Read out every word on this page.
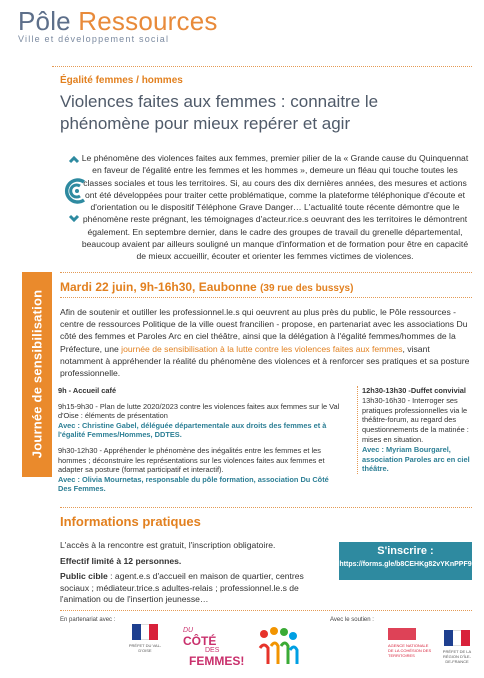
Pôle Ressources
Ville et développement social
Égalité femmes / hommes
Violences faites aux femmes : connaitre le phénomène pour mieux repérer et agir
Le phénomène des violences faites aux femmes, premier pilier de la « Grande cause du Quinquennat en faveur de l'égalité entre les femmes et les hommes », demeure un fléau qui touche toutes les classes sociales et tous les territoires. Si, au cours des dix dernières années, des mesures et actions ont été développées pour traiter cette problématique, comme la plateforme téléphonique d'écoute et d'orientation ou le dispositif Téléphone Grave Danger… L'actualité toute récente démontre que le phénomène reste prégnant, les témoignages d'acteur.rice.s oeuvrant des les territoires le démontrent également. En septembre dernier, dans le cadre des groupes de travail du grenelle départemental, beaucoup avaient par ailleurs souligné un manque d'information et de formation pour être en capacité de mieux accueillir, écouter et orienter les femmes victimes de violences.
Journée de sensibilisation
Mardi 22 juin, 9h-16h30, Eaubonne (39 rue des bussys)
Afin de soutenir et outiller les professionnel.le.s qui oeuvrent au plus près du public, le Pôle ressources - centre de ressources Politique de la ville ouest francilien - propose, en partenariat avec les associations Du côté des femmes et Paroles Arc en ciel théâtre, ainsi que la délégation à l'égalité femmes/hommes de la Préfecture, une journée de sensibilisation à la lutte contre les violences faites aux femmes, visant notamment à appréhender la réalité du phénomène des violences et à renforcer ses pratiques et sa posture professionnelle.

9h - Accueil café

9h15-9h30 - Plan de lutte 2020/2023 contre les violences faites aux femmes sur le Val d'Oise : éléments de présentation
Avec : Christine Gabel, déléguée départementale aux droits des femmes et à l'égalité Femmes/Hommes, DDTES.

9h30-12h30 - Appréhender le phénomène des inégalités entre les femmes et les hommes ; déconstruire les représentations sur les violences faites aux femmes et adapter sa posture (format participatif et interactif).
Avec : Olivia Mournetas, responsable du pôle formation, association Du Côté Des Femmes.

12h30-13h30 -Duffet convivial
13h30-16h30 - Interroger ses pratiques professionnelles via le théâtre-forum, au regard des questionnements de la matinée : mises en situation.
Avec : Myriam Bourgarel, association Paroles arc en ciel théâtre.
Informations pratiques

L'accès à la rencontre est gratuit, l'inscription obligatoire.

Effectif limité à 12 personnes.

Public cible : agent.e.s d'accueil en maison de quartier, centres sociaux ; médiateur.trice.s adultes-relais ; professionnel.le.s de l'animation ou de l'insertion jeunesse…

S'inscrire :
https://forms.gle/b8CEHKg82vYKnPPF9
En partenariat avec :	Avec le soutien :
PRÉFET DU VAL-D'OISE
DU
CÔTÉ
DES
FEMMES!
AGENCE NATIONALE DE LA COHÉSION DES TERRITOIRES
PRÉFET DE LA RÉGION D'ÎLE-DE-FRANCE
